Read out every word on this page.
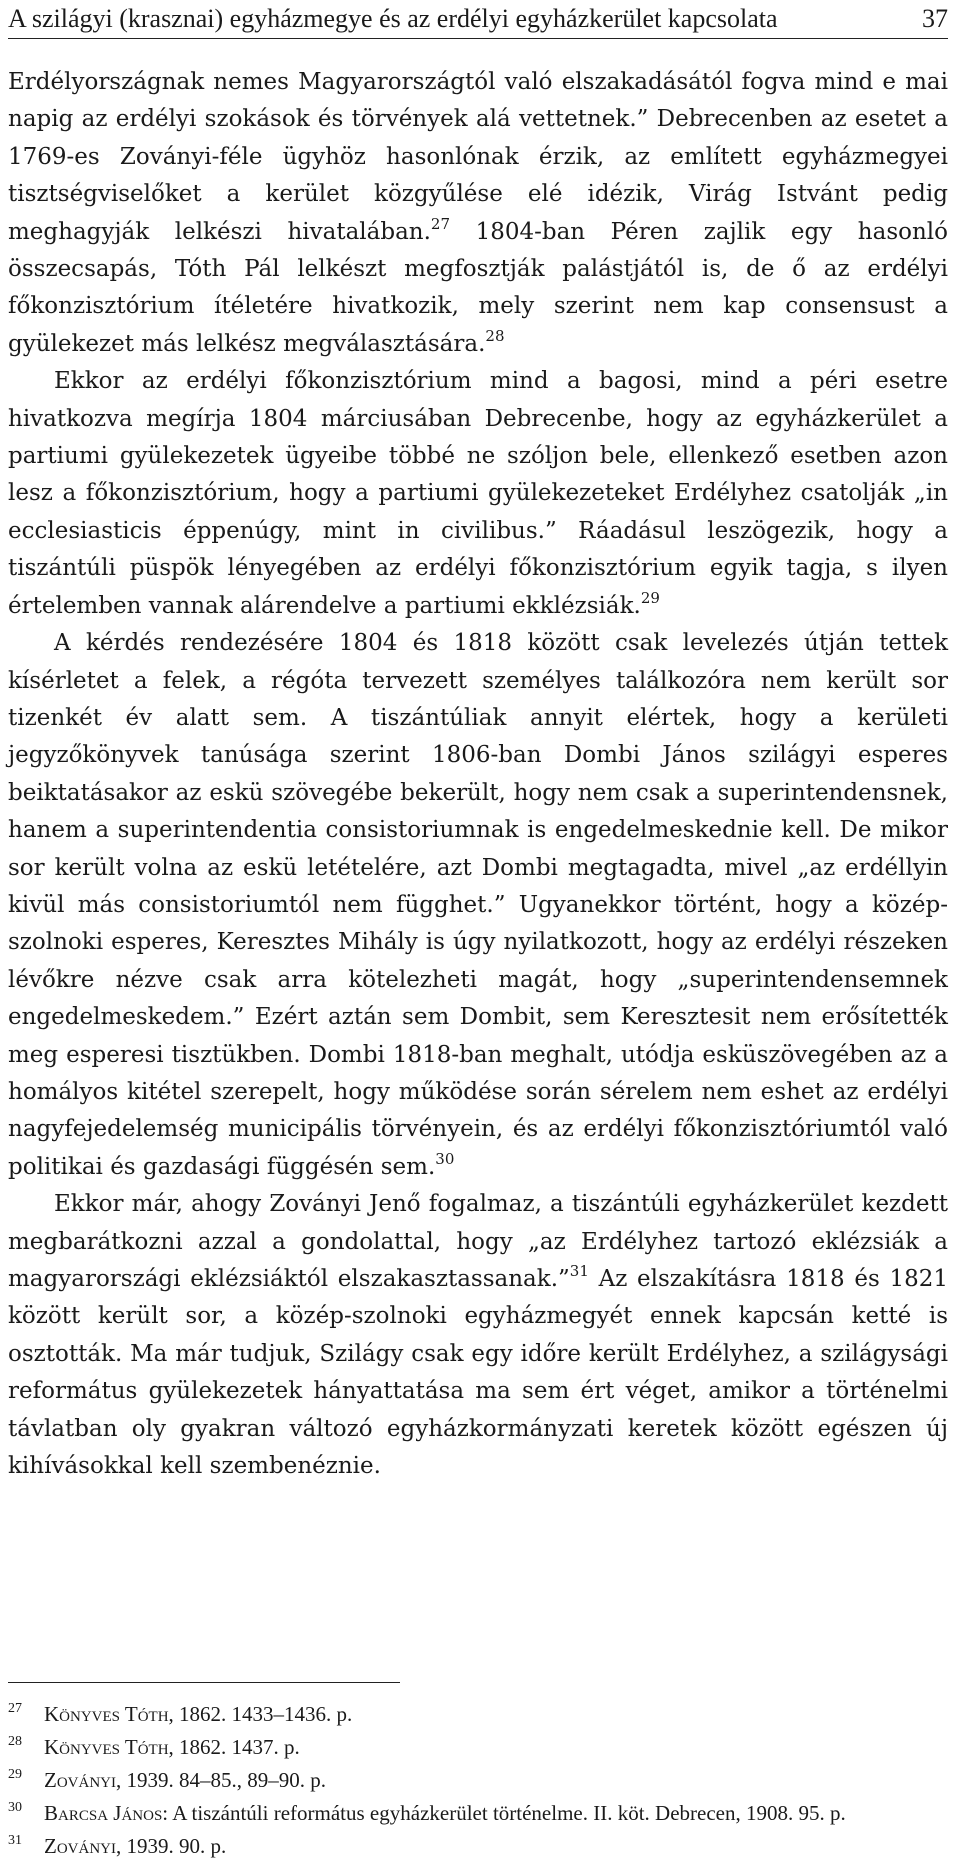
A szilágyi (krasznai) egyházmegye és az erdélyi egyházkerület kapcsolata	37

Erdélyországnak nemes Magyarországtól való elszakadásától fogva mind e mai napig az erdélyi szokások és törvények alá vettetnek.” Debrecenben az esetet a 1769-es Zoványi-féle ügyhöz hasonlónak érzik, az említett egyházmegyei tisztségviselőket a kerület közgyűlése elé idézik, Virág Istvánt pedig meghagyják lelkészi hivatalában.$^{27}$ 1804-ban Péren zajlik egy hasonló összecsapás, Tóth Pál lelkészt megfosztják palástjától is, de ő az erdélyi főkonzisztórium ítéletére hivatkozik, mely szerint nem kap consensust a gyülekezet más lelkész megválasztására.$^{28}$

Ekkor az erdélyi főkonzisztórium mind a bagosi, mind a péri esetre hivatkozva megírja 1804 márciusában Debrecenbe, hogy az egyházkerület a partiumi gyülekezetek ügyeibe többé ne szóljon bele, ellenkező esetben azon lesz a főkonzisztórium, hogy a partiumi gyülekezeteket Erdélyhez csatolják „in ecclesiasticis éppenúgy, mint in civilibus.” Ráadásul leszögezik, hogy a tiszántúli püspök lényegében az erdélyi főkonzisztórium egyik tagja, s ilyen értelemben vannak alárendelve a partiumi ekklézsiák.$^{29}$

A kérdés rendezésére 1804 és 1818 között csak levelezés útján tettek kísérletet a felek, a régóta tervezett személyes találkozóra nem került sor tizenkét év alatt sem. A tiszántúliak annyit elértek, hogy a kerületi jegyzőkönyvek tanúsága szerint 1806-ban Dombi János szilágyi esperes beiktatásakor az eskü szövegébe bekerült, hogy nem csak a superintendensnek, hanem a superintendentia consistoriumnak is engedelmeskednie kell. De mikor sor került volna az eskü letételére, azt Dombi megtagadta, mivel „az erdéllyin kivül más consistoriumtól nem függhet.” Ugyanekkor történt, hogy a közép-szolnoki esperes, Keresztes Mihály is úgy nyilatkozott, hogy az erdélyi részeken lévőkre nézve csak arra kötelezheti magát, hogy „superintendensemnek engedelmeskedem.” Ezért aztán sem Dombit, sem Keresztesit nem erősítették meg esperesi tisztükben. Dombi 1818-ban meghalt, utódja esküszövegében az a homályos kitétel szerepelt, hogy működése során sérelem nem eshet az erdélyi nagyfejedelemség municipális törvényein, és az erdélyi főkonzisztóriumtól való politikai és gazdasági függésén sem.$^{30}$

Ekkor már, ahogy Zoványi Jenő fogalmaz, a tiszántúli egyházkerület kezdett megbarátkozni azzal a gondolattal, hogy „az Erdélyhez tartozó eklézsiák a magyarországi eklézsiáktól elszakasztassanak.”$^{31}$ Az elszakításra 1818 és 1821 között került sor, a közép-szolnoki egyházmegyét ennek kapcsán ketté is osztották. Ma már tudjuk, Szilágy csak egy időre került Erdélyhez, a szilágysági református gyülekezetek hányattatása ma sem ért véget, amikor a történelmi távlatban oly gyakran változó egyházkormányzati keretek között egészen új kihívásokkal kell szembenéznie.

27 Könyves Tóth, 1862. 1433–1436. p.

28 Könyves Tóth, 1862. 1437. p.

29 Zoványi, 1939. 84–85., 89–90. p.

30 Barcsa János: A tiszántúli református egyházkerület történelme. II. köt. Debrecen, 1908. 95. p.

31 Zoványi, 1939. 90. p.
